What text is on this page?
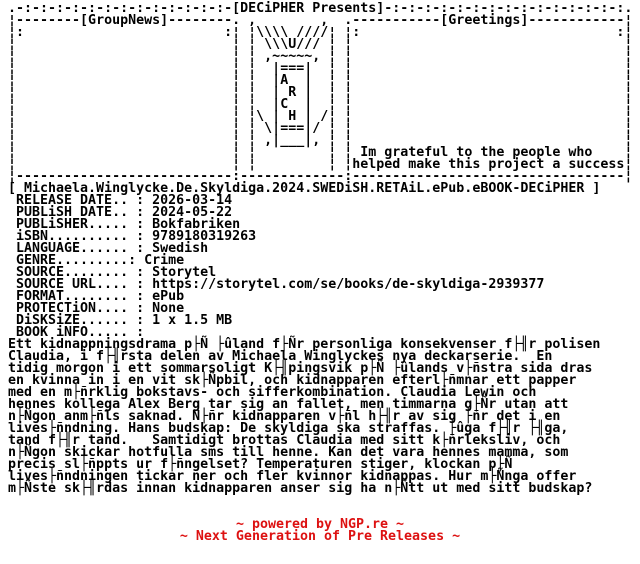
.-:-:-:-:-:-:-:-:-:-:-:-:-:-[DECiPHER Presents]-:-:-:-:-:-:-:-:-:-:-:-:-:-:-:.
¦--------[GroupNews]--------. ,        ,  .-----------[Greetings]------------¦
¦:                         :¦ ¦\\\\ ////¦ ¦:                                :¦
¦                           ¦ ¦ \\\U/// ¦ ¦                                  ¦
¦                           ¦ ¦ ,~~~~~, ¦ ¦                                  ¦
¦                           ¦ ¦  |===|  ¦ ¦                                  ¦
¦                           ¦ ¦  |A  |  ¦ ¦                                  ¦
¦                           ¦ ¦  | R |  ¦ ¦                                  ¦
¦                           ¦ ¦  |C  |  ¦ ¦                                  ¦
¦                           ¦ ¦\ | H | /¦ ¦                                  ¦
¦                           ¦ ¦ \|===|/ ¦ ¦                                  ¦
¦                           ¦ ¦ ,|___|, ¦ ¦                                  ¦
¦                           ¦ ¦         ¦ ¦ Im grateful to the people who    ¦
¦                           ¦ ¦         ¦ ¦helped make this project a success¦
¦---------------------------:-------------:----------------------------------¦
[ Michaela.Winglycke.De.Skyldiga.2024.SWEDiSH.RETAiL.ePub.eBOOK-DECiPHER ]
RELEASE DATE.. : 2026-03-14
PUBLiSH DATE.. : 2024-05-22
PUBLiSHER..... : Bokfabriken
iSBN.......... : 9789180319263
LANGUAGE...... : Swedish
GENRE.........: Crime
SOURCE........ : Storytel
SOURCE URL.... : https://storytel.com/se/books/de-skyldiga-2939377
FORMAT........ : ePub
PROTECTiON.... : None
DiSKSiZE...... : 1 x 1.5 MB
BOOK iNFO..... :
Ett kidnappningsdrama p├Ñ ├ûland f├Ñr personliga konsekvenser f├╢r polisen
Claudia, i f├╢rsta delen av Michaela Winglyckes nya deckarserie.  En
tidig morgon i ett sommarsoligt K├╢pingsvik p├Ñ ├ûlands v├ñstra sida dras
en kvinna in i en vit sk├Ñpbil, och kidnapparen efterl├ñmnar ett papper
med en m├ñrklig bokstavs- och sifferkombination. Claudia Lewin och
hennes kollega Alex Berg tar sig an fallet, men timmarna g├Ñr utan att
n├Ñgon anm├ñls saknad. N├ñr kidnapparen v├ñl h├╢r av sig ├ñr det i en
lives├ñndning. Hans budskap: De skyldiga ska straffas. ├ûga f├╢r ├╢ga,
tand f├╢r tand.   Samtidigt brottas Claudia med sitt k├ñrleksliv, och
n├Ñgon skickar hotfulla sms till henne. Kan det vara hennes mamma, som
precis sl├ñppts ur f├ñngelset? Temperaturen stiger, klockan p├Ñ
lives├ñndningen tickar ner och fler kvinnor kidnappas. Hur m├Ñnga offer
m├Ñste sk├╢rdas innan kidnapparen anser sig ha n├Ñtt ut med sitt budskap?
~ powered by NGP.re ~
~ Next Generation of Pre Releases ~
